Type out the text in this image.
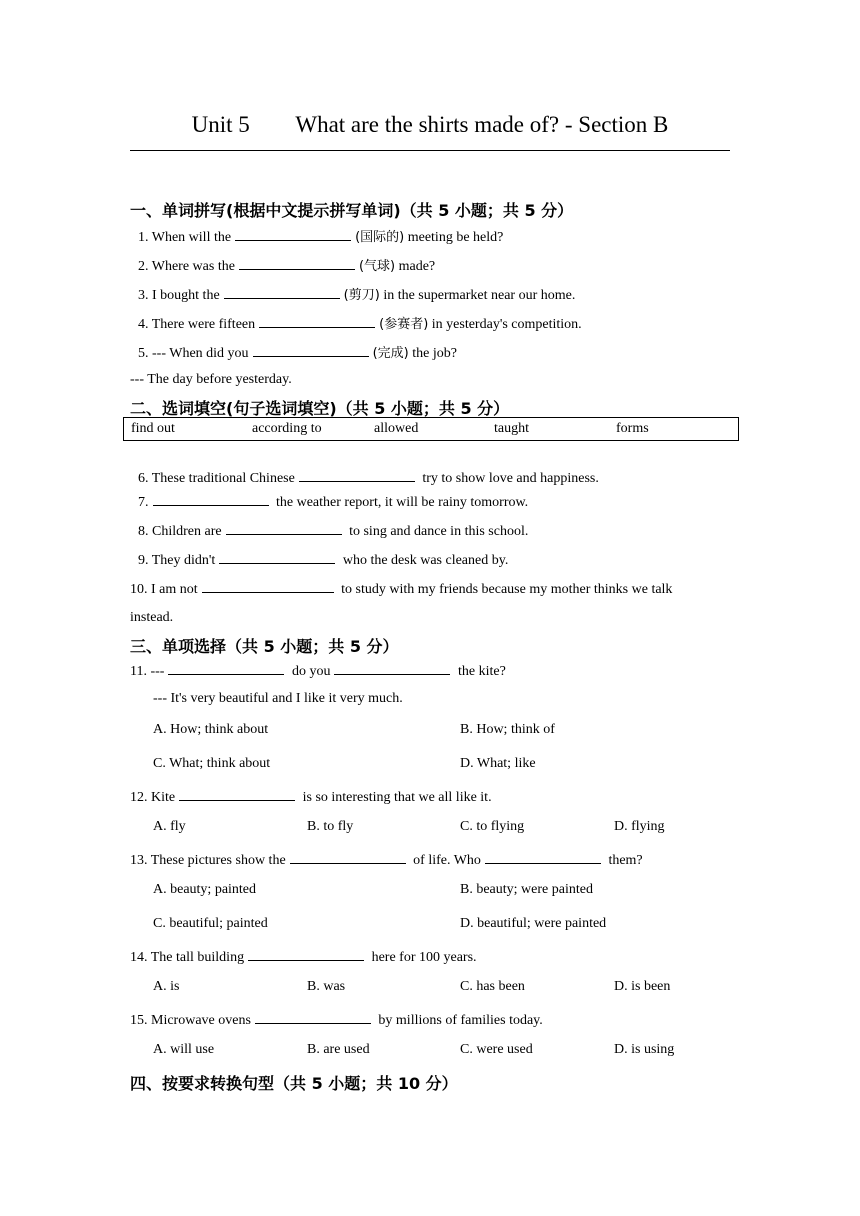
Unit 5        What are the shirts made of? - Section B
一、单词拼写(根据中文提示拼写单词)（共 5 小题；共 5 分）
1. When will the	(国际的) meeting be held?
2. Where was the	(气球) made?
3. I bought the	(剪刀) in the supermarket near our home.
4. There were fifteen	(参赛者) in yesterday's competition.
5. --- When did you	(完成) the job?
--- The day before yesterday.
二、选词填空(句子选词填空)（共 5 小题；共 5 分）
find out	according to	allowed	taught	forms
6. These traditional Chinese	try to show love and happiness.
7.	the weather report, it will be rainy tomorrow.
8. Children are	to sing and dance in this school.
9. They didn't	who the desk was cleaned by.
10. I am not	to study with my friends because my mother thinks we talk
instead.
三、单项选择（共 5 小题；共 5 分）
11. ---	do you	the kite?
--- It's very beautiful and I like it very much.
A. How; think about	B. How; think of
C. What; think about	D. What; like
12. Kite	is so interesting that we all like it.
A. fly	B. to fly	C. to flying	D. flying
13. These pictures show the	of life. Who	them?
A. beauty; painted	B. beauty; were painted
C. beautiful; painted	D. beautiful; were painted
14. The tall building	here for 100 years.
A. is	B. was	C. has been	D. is been
15. Microwave ovens	by millions of families today.
A. will use	B. are used	C. were used	D. is using
四、按要求转换句型（共 5 小题；共 10 分）
